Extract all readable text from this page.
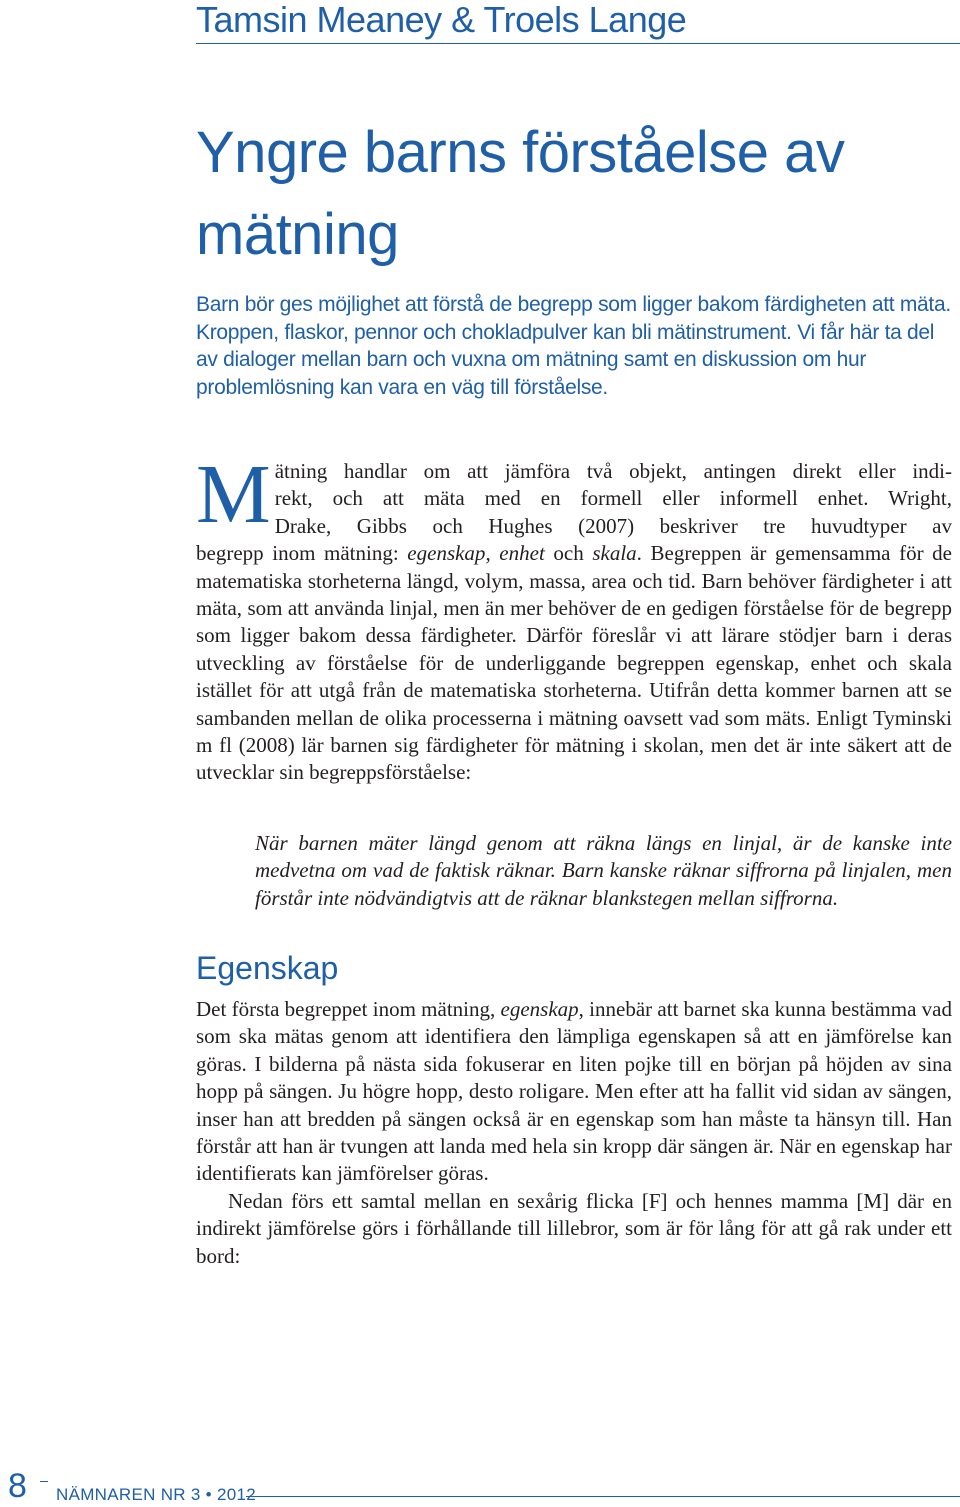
Tamsin Meaney & Troels Lange
Yngre barns förståelse av mätning

Barn bör ges möjlighet att förstå de begrepp som ligger bakom färdigheten att mäta. Kroppen, flaskor, pennor och chokladpulver kan bli mätinstrument. Vi får här ta del av dialoger mellan barn och vuxna om mätning samt en diskussion om hur problemlösning kan vara en väg till förståelse.

M ätning handlar om att jämföra två objekt, antingen direkt eller indi-
rekt, och att mäta med en formell eller informell enhet. Wright,
Drake, Gibbs och Hughes (2007) beskriver tre huvudtyper av
begrepp inom mätning: egenskap, enhet och skala. Begreppen är gemensamma för de matematiska storheterna längd, volym, massa, area och tid. Barn behöver färdigheter i att mäta, som att använda linjal, men än mer behöver de en gedigen förståelse för de begrepp som ligger bakom dessa färdigheter. Därför föreslår vi att lärare stödjer barn i deras utveckling av förståelse för de underliggande begreppen egenskap, enhet och skala istället för att utgå från de matematiska storheterna. Utifrån detta kommer barnen att se sambanden mellan de olika processerna i mätning oavsett vad som mäts. Enligt Tyminski m fl (2008) lär barnen sig färdigheter för mätning i skolan, men det är inte säkert att de utvecklar sin begreppsförståelse:

När barnen mäter längd genom att räkna längs en linjal, är de kanske inte medvetna om vad de faktisk räknar. Barn kanske räknar siffrorna på linjalen, men förstår inte nödvändigtvis att de räknar blankstegen mellan siffrorna.

Egenskap
Det första begreppet inom mätning, egenskap, innebär att barnet ska kunna bestämma vad som ska mätas genom att identifiera den lämpliga egenskapen så att en jämförelse kan göras. I bilderna på nästa sida fokuserar en liten pojke till en början på höjden av sina hopp på sängen. Ju högre hopp, desto roligare. Men efter att ha fallit vid sidan av sängen, inser han att bredden på sängen också är en egenskap som han måste ta hänsyn till. Han förstår att han är tvungen att landa med hela sin kropp där sängen är. När en egenskap har identifierats kan jämförelser göras.
Nedan förs ett samtal mellan en sexårig flicka [F] och hennes mamma [M] där en indirekt jämförelse görs i förhållande till lillebror, som är för lång för att gå rak under ett bord:
8 NÄMNAREN NR 3 • 2012
